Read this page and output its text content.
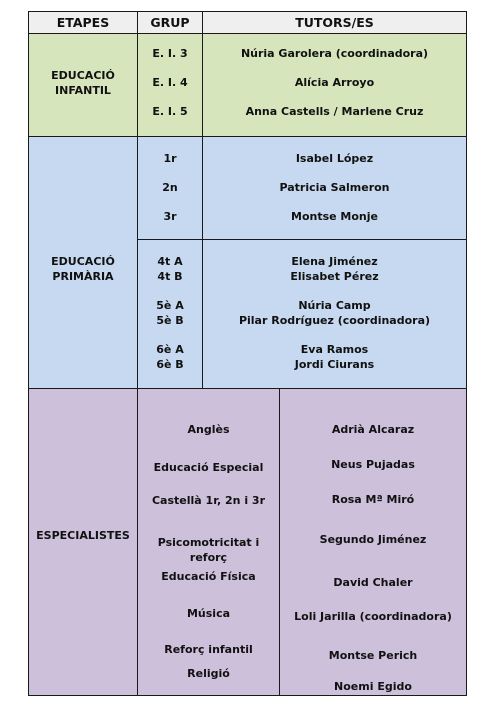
ETAPES	GRUP	TUTORS/ES
EDUCACIÓ
INFANTIL
E. I. 3
E. I. 4
E. I. 5
Núria Garolera (coordinadora)
Alícia Arroyo
Anna Castells / Marlene Cruz
EDUCACIÓ
PRIMÀRIA
1r
2n
3r
Isabel López
Patricia Salmeron
Montse Monje
4t A
4t B
5è A
5è B
6è A
6è B
Elena Jiménez
Elisabet Pérez
Núria Camp
Pilar Rodríguez (coordinadora)
Eva Ramos
Jordi Ciurans
ESPECIALISTES
Anglès
Educació Especial
Castellà 1r, 2n i 3r
Psicomotricitat i reforç
Educació Física
Música
Reforç infantil
Religió
Adrià Alcaraz
Neus Pujadas
Rosa Mª Miró
Segundo Jiménez
David Chaler
Loli Jarilla (coordinadora)
Montse Perich
Noemi Egido
